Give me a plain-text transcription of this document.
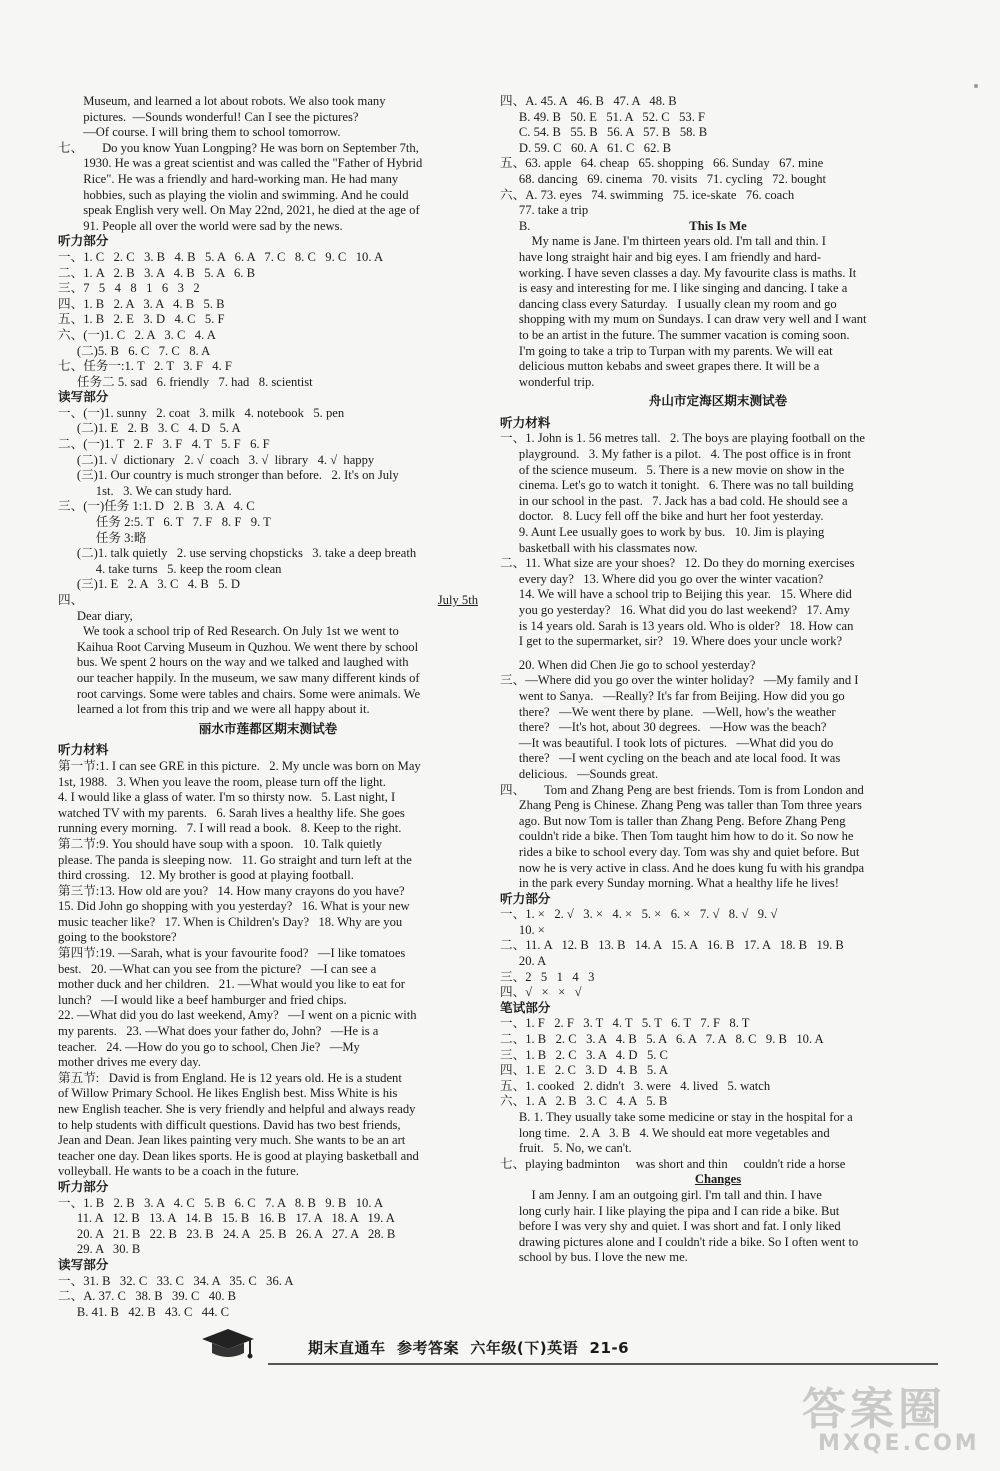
Museum, and learned a lot about robots. We also took many
pictures.  —Sounds wonderful! Can I see the pictures?
—Of course. I will bring them to school tomorrow.
七、      Do you know Yuan Longping? He was born on September 7th,
1930. He was a great scientist and was called the "Father of Hybrid
Rice". He was a friendly and hard-working man. He had many
hobbies, such as playing the violin and swimming. And he could
speak English very well. On May 22nd, 2021, he died at the age of
91. People all over the world were sad by the news.
听力部分
一、1. C   2. C   3. B   4. B   5. A   6. A   7. C   8. C   9. C   10. A
二、1. A   2. B   3. A   4. B   5. A   6. B
三、7   5   4   8   1   6   3   2
四、1. B   2. A   3. A   4. B   5. B
五、1. B   2. E   3. D   4. C   5. F
六、(一)1. C   2. A   3. C   4. A
(二)5. B   6. C   7. C   8. A
七、任务一:1. T   2. T   3. F   4. F
任务二 5. sad   6. friendly   7. had   8. scientist
读写部分
一、(一)1. sunny   2. coat   3. milk   4. notebook   5. pen
(二)1. E   2. B   3. C   4. D   5. A
二、(一)1. T   2. F   3. F   4. T   5. F   6. F
(二)1. √  dictionary   2. √  coach   3. √  library   4. √  happy
(三)1. Our country is much stronger than before.   2. It's on July
1st.   3. We can study hard.
三、(一)任务 1:1. D   2. B   3. A   4. C
任务 2:5. T   6. T   7. F   8. F   9. T
任务 3:略
(二)1. talk quietly   2. use serving chopsticks   3. take a deep breath
4. take turns   5. keep the room clean
(三)1. E   2. A   3. C   4. B   5. D
四、	July 5th
Dear diary,
We took a school trip of Red Research. On July 1st we went to
Kaihua Root Carving Museum in Quzhou. We went there by school
bus. We spent 2 hours on the way and we talked and laughed with
our teacher happily. In the museum, we saw many different kinds of
root carvings. Some were tables and chairs. Some were animals. We
learned a lot from this trip and we were all happy about it.
丽水市莲都区期末测试卷
听力材料
第一节:1. I can see GRE in this picture.   2. My uncle was born on May
1st, 1988.   3. When you leave the room, please turn off the light.
4. I would like a glass of water. I'm so thirsty now.   5. Last night, I
watched TV with my parents.   6. Sarah lives a healthy life. She goes
running every morning.   7. I will read a book.   8. Keep to the right.
第二节:9. You should have soup with a spoon.   10. Talk quietly
please. The panda is sleeping now.   11. Go straight and turn left at the
third crossing.   12. My brother is good at playing football.
第三节:13. How old are you?   14. How many crayons do you have?
15. Did John go shopping with you yesterday?   16. What is your new
music teacher like?   17. When is Children's Day?   18. Why are you
going to the bookstore?
第四节:19. —Sarah, what is your favourite food?   —I like tomatoes
best.   20. —What can you see from the picture?   —I can see a
mother duck and her children.   21. —What would you like to eat for
lunch?   —I would like a beef hamburger and fried chips.
22. —What did you do last weekend, Amy?   —I went on a picnic with
my parents.   23. —What does your father do, John?   —He is a
teacher.   24. —How do you go to school, Chen Jie?   —My
mother drives me every day.
第五节:   David is from England. He is 12 years old. He is a student
of Willow Primary School. He likes English best. Miss White is his
new English teacher. She is very friendly and helpful and always ready
to help students with difficult questions. David has two best friends,
Jean and Dean. Jean likes painting very much. She wants to be an art
teacher one day. Dean likes sports. He is good at playing basketball and
volleyball. He wants to be a coach in the future.
听力部分
一、1. B   2. B   3. A   4. C   5. B   6. C   7. A   8. B   9. B   10. A
11. A   12. B   13. A   14. B   15. B   16. B   17. A   18. A   19. A
20. A   21. B   22. B   23. B   24. A   25. B   26. A   27. A   28. B
29. A   30. B
读写部分
一、31. B   32. C   33. C   34. A   35. C   36. A
二、A. 37. C   38. B   39. C   40. B
B. 41. B   42. B   43. C   44. C
四、A. 45. A   46. B   47. A   48. B
B. 49. B   50. E   51. A   52. C   53. F
C. 54. B   55. B   56. A   57. B   58. B
D. 59. C   60. A   61. C   62. B
五、63. apple   64. cheap   65. shopping   66. Sunday   67. mine
68. dancing   69. cinema   70. visits   71. cycling   72. bought
六、A. 73. eyes   74. swimming   75. ice-skate   76. coach
77. take a trip
B.	This Is Me
My name is Jane. I'm thirteen years old. I'm tall and thin. I
have long straight hair and big eyes. I am friendly and hard-
working. I have seven classes a day. My favourite class is maths. It
is easy and interesting for me. I like singing and dancing. I take a
dancing class every Saturday.   I usually clean my room and go
shopping with my mum on Sundays. I can draw very well and I want
to be an artist in the future. The summer vacation is coming soon.
I'm going to take a trip to Turpan with my parents. We will eat
delicious mutton kebabs and sweet grapes there. It will be a
wonderful trip.
舟山市定海区期末测试卷
听力材料
一、1. John is 1. 56 metres tall.   2. The boys are playing football on the
playground.   3. My father is a pilot.   4. The post office is in front
of the science museum.   5. There is a new movie on show in the
cinema. Let's go to watch it tonight.   6. There was no tall building
in our school in the past.   7. Jack has a bad cold. He should see a
doctor.   8. Lucy fell off the bike and hurt her foot yesterday.
9. Aunt Lee usually goes to work by bus.   10. Jim is playing
basketball with his classmates now.
二、11. What size are your shoes?   12. Do they do morning exercises
every day?   13. Where did you go over the winter vacation?
14. We will have a school trip to Beijing this year.   15. Where did
you go yesterday?   16. What did you do last weekend?   17. Amy
is 14 years old. Sarah is 13 years old. Who is older?   18. How can
I get to the supermarket, sir?   19. Where does your uncle work?
20. When did Chen Jie go to school yesterday?
三、—Where did you go over the winter holiday?   —My family and I
went to Sanya.   —Really? It's far from Beijing. How did you go
there?   —We went there by plane.   —Well, how's the weather
there?   —It's hot, about 30 degrees.   —How was the beach?
—It was beautiful. I took lots of pictures.   —What did you do
there?   —I went cycling on the beach and ate local food. It was
delicious.   —Sounds great.
四、      Tom and Zhang Peng are best friends. Tom is from London and
Zhang Peng is Chinese. Zhang Peng was taller than Tom three years
ago. But now Tom is taller than Zhang Peng. Before Zhang Peng
couldn't ride a bike. Then Tom taught him how to do it. So now he
rides a bike to school every day. Tom was shy and quiet before. But
now he is very active in class. And he does kung fu with his grandpa
in the park every Sunday morning. What a healthy life he lives!
听力部分
一、1. ×   2. √   3. ×   4. ×   5. ×   6. ×   7. √   8. √   9. √
10. ×
二、11. A   12. B   13. B   14. A   15. A   16. B   17. A   18. B   19. B
20. A
三、2   5   1   4   3
四、√   ×   ×   √
笔试部分
一、1. F   2. F   3. T   4. T   5. T   6. T   7. F   8. T
二、1. B   2. C   3. A   4. B   5. A   6. A   7. A   8. C   9. B   10. A
三、1. B   2. C   3. A   4. D   5. C
四、1. E   2. C   3. D   4. B   5. A
五、1. cooked   2. didn't   3. were   4. lived   5. watch
六、1. A   2. B   3. C   4. A   5. B
B. 1. They usually take some medicine or stay in the hospital for a
long time.   2. A   3. B   4. We should eat more vegetables and
fruit.   5. No, we can't.
七、playing badminton     was short and thin     couldn't ride a horse
Changes
I am Jenny. I am an outgoing girl. I'm tall and thin. I have
long curly hair. I like playing the pipa and I can ride a bike. But
before I was very shy and quiet. I was short and fat. I only liked
drawing pictures alone and I couldn't ride a bike. So I often went to
school by bus. I love the new me.
期末直通车  参考答案  六年级(下)英语  21-6
答案圈
MXQE.COM
